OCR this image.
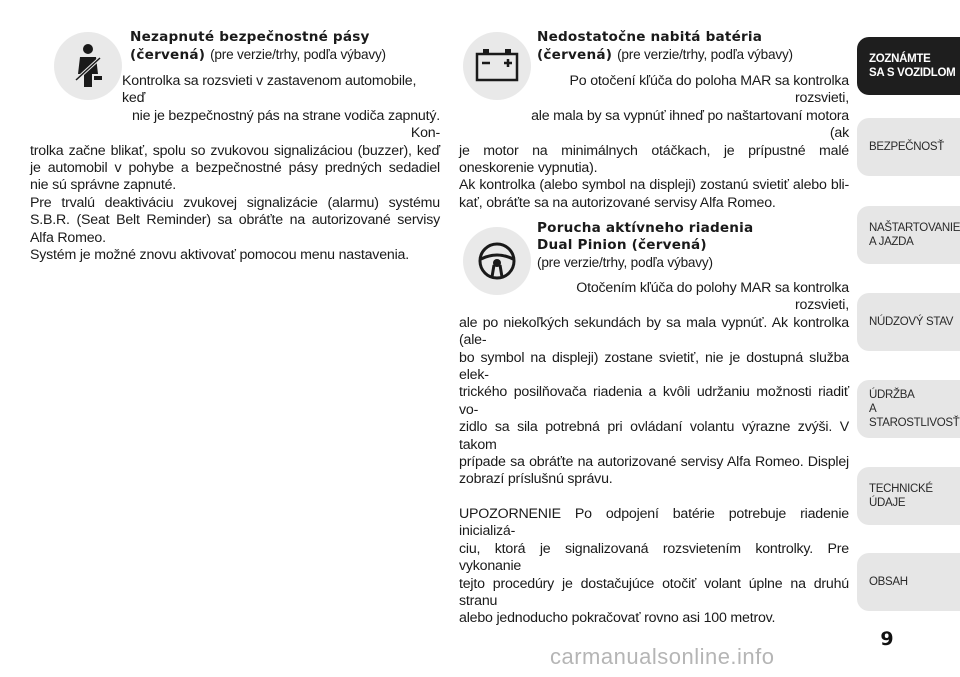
Nezapnuté bezpečnostné pásy
(červená) (pre verzie/trhy, podľa výbavy)

Kontrolka sa rozsvieti v zastavenom automobile, keď

nie je bezpečnostný pás na strane vodiča zapnutý. Kon-

trolka začne blikať, spolu so zvukovou signalizáciou (buzzer), keď

je automobil v pohybe a bezpečnostné pásy predných sedadiel

nie sú správne zapnuté.

Pre trvalú deaktiváciu zvukovej signalizácie (alarmu) systému

S.B.R. (Seat Belt Reminder) sa obráťte na autorizované servisy

Alfa Romeo.

Systém je možné znovu aktivovať pomocou menu nastavenia.

Nedostatočne nabitá batéria
(červená) (pre verzie/trhy, podľa výbavy)

Po otočení kľúča do poloha MAR sa kontrolka rozsvieti,

ale mala by sa vypnúť ihneď po naštartovaní motora (ak

je motor na minimálnych otáčkach, je prípustné malé

oneskorenie vypnutia).

Ak kontrolka (alebo symbol na displeji) zostanú svietiť alebo bli-

kať, obráťte sa na autorizované servisy Alfa Romeo.

Porucha aktívneho riadenia
Dual Pinion (červená)
(pre verzie/trhy, podľa výbavy)

Otočením kľúča do polohy MAR sa kontrolka rozsvieti,

ale po niekoľkých sekundách by sa mala vypnúť. Ak kontrolka (ale-

bo symbol na displeji) zostane svietiť, nie je dostupná služba elek-

trického posilňovača riadenia a kvôli udržaniu možnosti riadiť vo-

zidlo sa sila potrebná pri ovládaní volantu výrazne zvýši. V takom

prípade sa obráťte na autorizované servisy Alfa Romeo. Displej

zobrazí príslušnú správu.

UPOZORNENIE Po odpojení batérie potrebuje riadenie inicializá-

ciu, ktorá je signalizovaná rozsvietením kontrolky. Pre vykonanie

tejto procedúry je dostačujúce otočiť volant úplne na druhú stranu

alebo jednoducho pokračovať rovno asi 100 metrov.

ZOZNÁMTE
SA S VOZIDLOM
BEZPEČNOSŤ
NAŠTARTOVANIE
A JAZDA
NÚDZOVÝ STAV
ÚDRŽBA
A STAROSTLIVOSŤ
TECHNICKÉ
ÚDAJE
OBSAH
9
carmanualsonline.info
